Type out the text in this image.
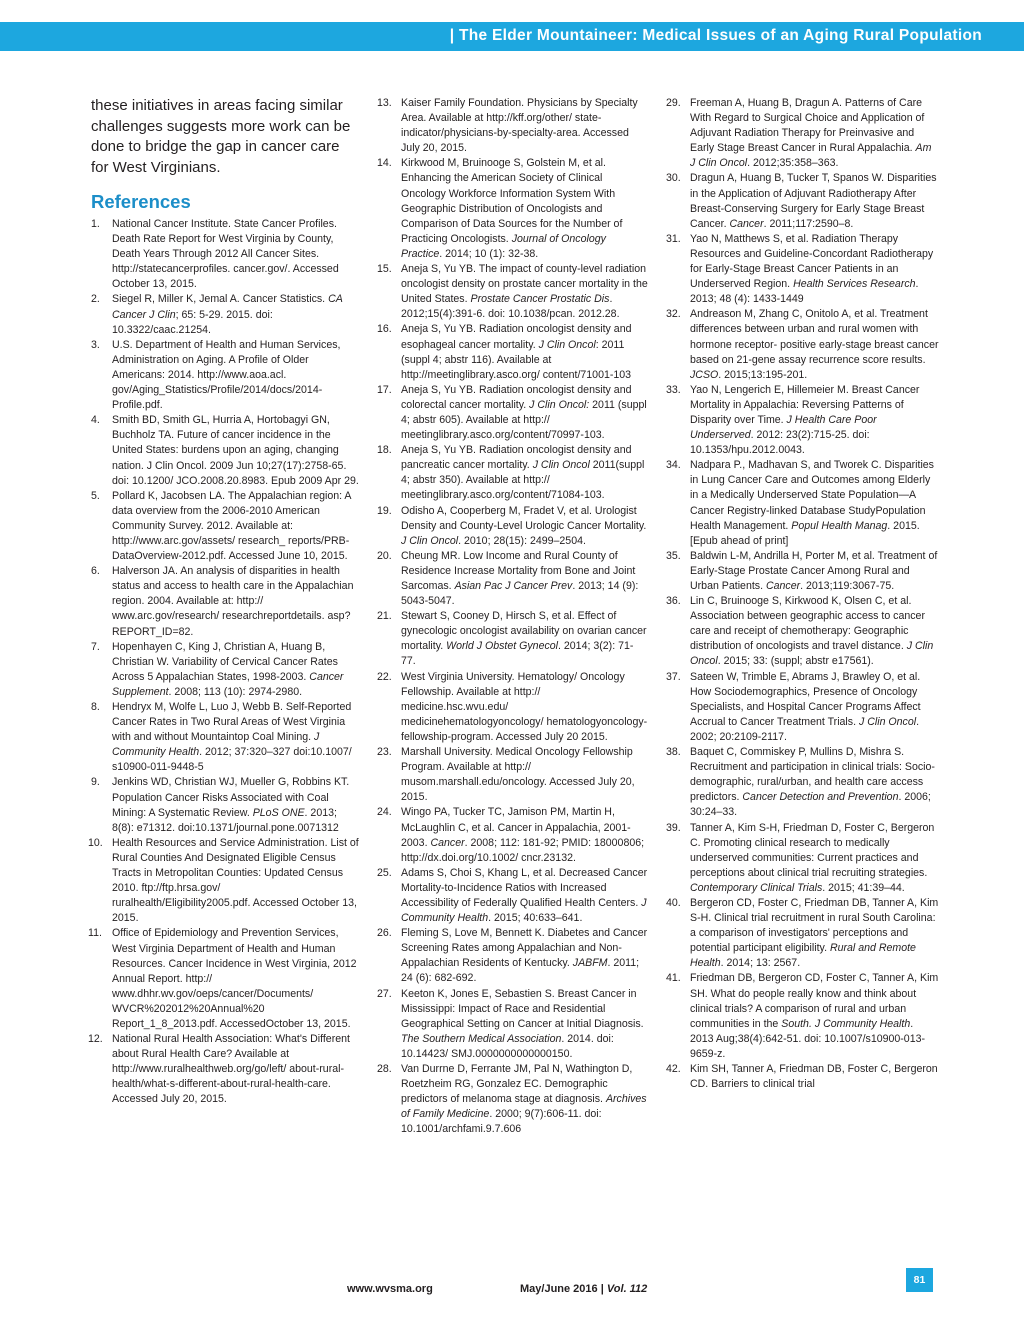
| The Elder Mountaineer: Medical Issues of an Aging Rural Population

these initiatives in areas facing similar challenges suggests more work can be done to bridge the gap in cancer care for West Virginians.

References
1. National Cancer Institute. State Cancer Profiles. Death Rate Report for West Virginia by County, Death Years Through 2012 All Cancer Sites. http://statecancerprofiles. cancer.gov/. Accessed October 13, 2015.
2. Siegel R, Miller K, Jemal A. Cancer Statistics. CA Cancer J Clin; 65: 5-29. 2015. doi: 10.3322/caac.21254.
3. U.S. Department of Health and Human Services, Administration on Aging. A Profile of Older Americans: 2014. http://www.aoa.acl. gov/Aging_Statistics/Profile/2014/docs/2014-Profile.pdf.
4. Smith BD, Smith GL, Hurria A, Hortobagyi GN, Buchholz TA. Future of cancer incidence in the United States: burdens upon an aging, changing nation. J Clin Oncol. 2009 Jun 10;27(17):2758-65. doi: 10.1200/ JCO.2008.20.8983. Epub 2009 Apr 29.
5. Pollard K, Jacobsen LA. The Appalachian region: A data overview from the 2006-2010 American Community Survey. 2012. Available at: http://www.arc.gov/assets/ research_ reports/PRB-DataOverview-2012.pdf. Accessed June 10, 2015.
6. Halverson JA. An analysis of disparities in health status and access to health care in the Appalachian region. 2004. Available at: http:// www.arc.gov/research/ researchreportdetails. asp? REPORT_ID=82.
7. Hopenhayen C, King J, Christian A, Huang B, Christian W. Variability of Cervical Cancer Rates Across 5 Appalachian States, 1998-2003. Cancer Supplement. 2008; 113 (10): 2974-2980.
8. Hendryx M, Wolfe L, Luo J, Webb B. Self-Reported Cancer Rates in Two Rural Areas of West Virginia with and without Mountaintop Coal Mining. J Community Health. 2012; 37:320–327 doi:10.1007/ s10900-011-9448-5
9. Jenkins WD, Christian WJ, Mueller G, Robbins KT. Population Cancer Risks Associated with Coal Mining: A Systematic Review. PLoS ONE. 2013; 8(8): e71312. doi:10.1371/journal.pone.0071312
10. Health Resources and Service Administration. List of Rural Counties And Designated Eligible Census Tracts in Metropolitan Counties: Updated Census 2010. ftp://ftp.hrsa.gov/ ruralhealth/Eligibility2005.pdf. Accessed October 13, 2015.
11. Office of Epidemiology and Prevention Services, West Virginia Department of Health and Human Resources. Cancer Incidence in West Virginia, 2012 Annual Report. http:// www.dhhr.wv.gov/oeps/cancer/Documents/ WVCR%202012%20Annual%20 Report_1_8_2013.pdf. AccessedOctober 13, 2015.
12. National Rural Health Association: What's Different about Rural Health Care? Available at http://www.ruralhealthweb.org/go/left/ about-rural-health/what-s-different-about-rural-health-care. Accessed July 20, 2015.
13. Kaiser Family Foundation. Physicians by Specialty Area. Available at http://kff.org/other/ state-indicator/physicians-by-specialty-area. Accessed July 20, 2015.
14. Kirkwood M, Bruinooge S, Golstein M, et al. Enhancing the American Society of Clinical Oncology Workforce Information System With Geographic Distribution of Oncologists and Comparison of Data Sources for the Number of Practicing Oncologists. Journal of Oncology Practice. 2014; 10 (1): 32-38.
15. Aneja S, Yu YB. The impact of county-level radiation oncologist density on prostate cancer mortality in the United States. Prostate Cancer Prostatic Dis. 2012;15(4):391-6. doi: 10.1038/pcan. 2012.28.
16. Aneja S, Yu YB. Radiation oncologist density and esophageal cancer mortality. J Clin Oncol: 2011 (suppl 4; abstr 116). Available at http://meetinglibrary.asco.org/ content/71001-103
17. Aneja S, Yu YB. Radiation oncologist density and colorectal cancer mortality. J Clin Oncol: 2011 (suppl 4; abstr 605). Available at http:// meetinglibrary.asco.org/content/70997-103.
18. Aneja S, Yu YB. Radiation oncologist density and pancreatic cancer mortality. J Clin Oncol 2011(suppl 4; abstr 350). Available at http:// meetinglibrary.asco.org/content/71084-103.
19. Odisho A, Cooperberg M, Fradet V, et al. Urologist Density and County-Level Urologic Cancer Mortality. J Clin Oncol. 2010; 28(15): 2499–2504.
20. Cheung MR. Low Income and Rural County of Residence Increase Mortality from Bone and Joint Sarcomas. Asian Pac J Cancer Prev. 2013; 14 (9): 5043-5047.
21. Stewart S, Cooney D, Hirsch S, et al. Effect of gynecologic oncologist availability on ovarian cancer mortality. World J Obstet Gynecol. 2014; 3(2): 71-77.
22. West Virginia University. Hematology/ Oncology Fellowship. Available at http:// medicine.hsc.wvu.edu/ medicinehematologyoncology/ hematologyoncology-fellowship-program. Accessed July 20 2015.
23. Marshall University. Medical Oncology Fellowship Program. Available at http:// musom.marshall.edu/oncology. Accessed July 20, 2015.
24. Wingo PA, Tucker TC, Jamison PM, Martin H, McLaughlin C, et al. Cancer in Appalachia, 2001-2003. Cancer. 2008; 112: 181-92; PMID: 18000806; http://dx.doi.org/10.1002/ cncr.23132.
25. Adams S, Choi S, Khang L, et al. Decreased Cancer Mortality-to-Incidence Ratios with Increased Accessibility of Federally Qualified Health Centers. J Community Health. 2015; 40:633–641.
26. Fleming S, Love M, Bennett K. Diabetes and Cancer Screening Rates among Appalachian and Non-Appalachian Residents of Kentucky. JABFM. 2011; 24 (6): 682-692.
27. Keeton K, Jones E, Sebastien S. Breast Cancer in Mississippi: Impact of Race and Residential Geographical Setting on Cancer at Initial Diagnosis. The Southern Medical Association. 2014. doi: 10.14423/ SMJ.0000000000000150.
28. Van Durrne D, Ferrante JM, Pal N, Wathington D, Roetzheim RG, Gonzalez EC. Demographic predictors of melanoma stage at diagnosis. Archives of Family Medicine. 2000; 9(7):606-11. doi: 10.1001/archfami.9.7.606
29. Freeman A, Huang B, Dragun A. Patterns of Care With Regard to Surgical Choice and Application of Adjuvant Radiation Therapy for Preinvasive and Early Stage Breast Cancer in Rural Appalachia. Am J Clin Oncol. 2012;35:358–363.
30. Dragun A, Huang B, Tucker T, Spanos W. Disparities in the Application of Adjuvant Radiotherapy After Breast-Conserving Surgery for Early Stage Breast Cancer. Cancer. 2011;117:2590–8.
31. Yao N, Matthews S, et al. Radiation Therapy Resources and Guideline-Concordant Radiotherapy for Early-Stage Breast Cancer Patients in an Underserved Region. Health Services Research. 2013; 48 (4): 1433-1449
32. Andreason M, Zhang C, Onitolo A, et al. Treatment differences between urban and rural women with hormone receptor- positive early-stage breast cancer based on 21-gene assay recurrence score results. JCSO. 2015;13:195-201.
33. Yao N, Lengerich E, Hillemeier M. Breast Cancer Mortality in Appalachia: Reversing Patterns of Disparity over Time. J Health Care Poor Underserved. 2012: 23(2):715-25. doi: 10.1353/hpu.2012.0043.
34. Nadpara P., Madhavan S, and Tworek C. Disparities in Lung Cancer Care and Outcomes among Elderly in a Medically Underserved State Population—A Cancer Registry-linked Database StudyPopulation Health Management. Popul Health Manag. 2015. [Epub ahead of print]
35. Baldwin L-M, Andrilla H, Porter M, et al. Treatment of Early-Stage Prostate Cancer Among Rural and Urban Patients. Cancer. 2013;119:3067-75.
36. Lin C, Bruinooge S, Kirkwood K, Olsen C, et al. Association between geographic access to cancer care and receipt of chemotherapy: Geographic distribution of oncologists and travel distance. J Clin Oncol. 2015; 33: (suppl; abstr e17561).
37. Sateen W, Trimble E, Abrams J, Brawley O, et al. How Sociodemographics, Presence of Oncology Specialists, and Hospital Cancer Programs Affect Accrual to Cancer Treatment Trials. J Clin Oncol. 2002; 20:2109-2117.
38. Baquet C, Commiskey P, Mullins D, Mishra S. Recruitment and participation in clinical trials: Socio-demographic, rural/urban, and health care access predictors. Cancer Detection and Prevention. 2006; 30:24–33.
39. Tanner A, Kim S-H, Friedman D, Foster C, Bergeron C. Promoting clinical research to medically underserved communities: Current practices and perceptions about clinical trial recruiting strategies. Contemporary Clinical Trials. 2015; 41:39–44.
40. Bergeron CD, Foster C, Friedman DB, Tanner A, Kim S-H. Clinical trial recruitment in rural South Carolina: a comparison of investigators' perceptions and potential participant eligibility. Rural and Remote Health. 2014; 13: 2567.
41. Friedman DB, Bergeron CD, Foster C, Tanner A, Kim SH. What do people really know and think about clinical trials? A comparison of rural and urban communities in the South. J Community Health. 2013 Aug;38(4):642-51. doi: 10.1007/s10900-013-9659-z.
42. Kim SH, Tanner A, Friedman DB, Foster C, Bergeron CD. Barriers to clinical trial
www.wvsma.org	May/June 2016 | Vol. 112
81
